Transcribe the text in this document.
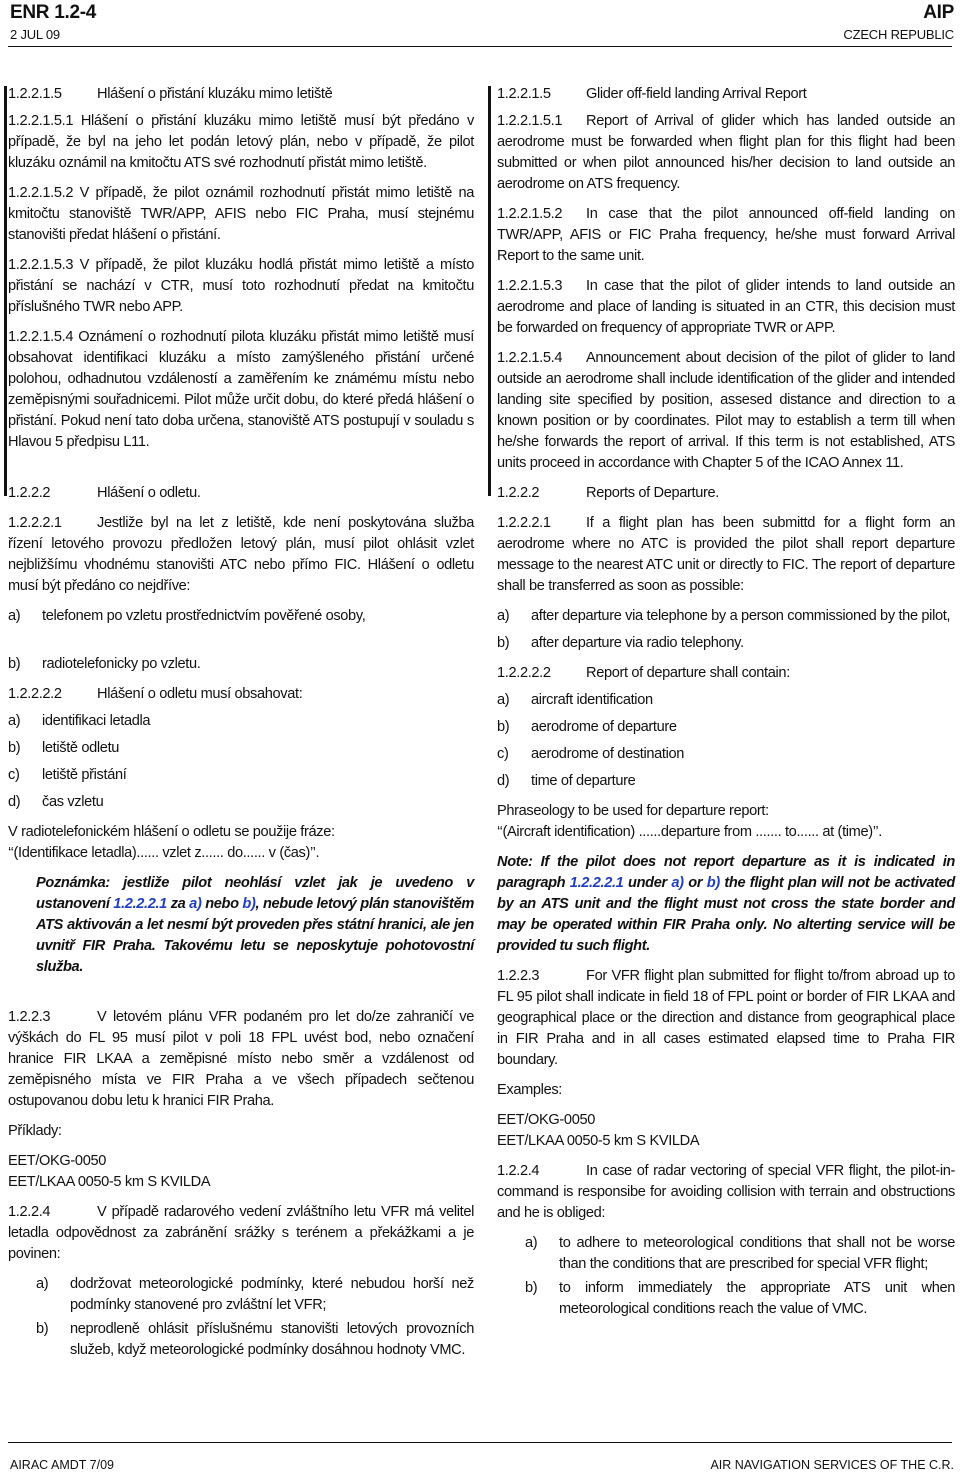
ENR 1.2-4
2 JUL 09
AIP
CZECH REPUBLIC

1.2.2.1.5 Hlášení o přistání kluzáku mimo letiště

1.2.2.1.5.1 Hlášení o přistání kluzáku mimo letiště musí být předáno v případě, že byl na jeho let podán letový plán, nebo v případě, že pilot kluzáku oznámil na kmitočtu ATS své rozhodnutí přistát mimo letiště.

1.2.2.1.5.2 V případě, že pilot oznámil rozhodnutí přistát mimo letiště na kmitočtu stanoviště TWR/APP, AFIS nebo FIC Praha, musí stejnému stanovišti předat hlášení o přistání.

1.2.2.1.5.3 V případě, že pilot kluzáku hodlá přistát mimo letiště a místo přistání se nachází v CTR, musí toto rozhodnutí předat na kmitočtu příslušného TWR nebo APP.

1.2.2.1.5.4 Oznámení o rozhodnutí pilota kluzáku přistát mimo letiště musí obsahovat identifikaci kluzáku a místo zamýšleného přistání určené polohou, odhadnutou vzdáleností a zaměřením ke známému místu nebo zeměpisnými souřadnicemi. Pilot může určit dobu, do které předá hlášení o přistání. Pokud není tato doba určena, stanoviště ATS postupují v souladu s Hlavou 5 předpisu L11.

1.2.2.2	Hlášení o odletu.

1.2.2.2.1 Jestliže byl na let z letiště, kde není poskytována služba řízení letového provozu předložen letový plán, musí pilot ohlásit vzlet nejbližšímu vhodnému stanovišti ATC nebo přímo FIC. Hlášení o odletu musí být předáno co nejdříve:

a) telefonem po vzletu prostřednictvím pověřené osoby,

b) radiotelefonicky po vzletu.

1.2.2.2.2 Hlášení o odletu musí obsahovat:

a) identifikaci letadla

b) letiště odletu

c) letiště přistání

d) čas vzletu

V radiotelefonickém hlášení o odletu se použije fráze:

‘‘(Identifikace letadla)...... vzlet z...... do...... v (čas)’’.

Poznámka: jestliže pilot neohlásí vzlet jak je uvedeno v ustanovení 1.2.2.2.1 za a) nebo b), nebude letový plán stanovištěm ATS aktivován a let nesmí být proveden přes státní hranici, ale jen uvnitř FIR Praha. Takovému letu se neposkytuje pohotovostní služba.

1.2.2.3	V letovém plánu VFR podaném pro let do/ze zahraničí ve výškách do FL 95 musí pilot v poli 18 FPL uvést bod, nebo označení hranice FIR LKAA a zeměpisné místo nebo směr a vzdálenost od zeměpisného místa ve FIR Praha a ve všech případech sečtenou ostupovanou dobu letu k hranici FIR Praha.

Příklady:

EET/OKG-0050

EET/LKAA 0050-5 km S KVILDA

1.2.2.4	V případě radarového vedení zvláštního letu VFR má velitel letadla odpovědnost za zabránění srážky s terénem a překážkami a je povinen:

a) dodržovat meteorologické podmínky, které nebudou horší než podmínky stanovené pro zvláštní let VFR;

b) neprodleně ohlásit příslušnému stanovišti letových provozních služeb, když meteorologické podmínky dosáhnou hodnoty VMC.

1.2.2.1.5 Glider off-field landing Arrival Report

1.2.2.1.5.1 Report of Arrival of glider which has landed outside an aerodrome must be forwarded when flight plan for this flight had been submitted or when pilot announced his/her decision to land outside an aerodrome on ATS frequency.

1.2.2.1.5.2 In case that the pilot announced off-field landing on TWR/APP, AFIS or FIC Praha frequency, he/she must forward Arrival Report to the same unit.

1.2.2.1.5.3 In case that the pilot of glider intends to land outside an aerodrome and place of landing is situated in an CTR, this decision must be forwarded on frequency of appropriate TWR or APP.

1.2.2.1.5.4 Announcement about decision of the pilot of glider to land outside an aerodrome shall include identification of the glider and intended landing site specified by position, assesed distance and direction to a known position or by coordinates. Pilot may to establish a term till when he/she forwards the report of arrival. If this term is not established, ATS units proceed in accordance with Chapter 5 of the ICAO Annex 11.

1.2.2.2	Reports of Departure.

1.2.2.2.1 If a flight plan has been submittd for a flight form an aerodrome where no ATC is provided the pilot shall report departure message to the nearest ATC unit or directly to FIC. The report of departure shall be transferred as soon as possible:

a) after departure via telephone by a person commissioned by the pilot,

b) after departure via radio telephony.

1.2.2.2.2 Report of departure shall contain:

a) aircraft identification

b) aerodrome of departure

c) aerodrome of destination

d) time of departure

Phraseology to be used for departure report:

‘‘(Aircraft identification) ......departure from ....... to...... at (time)’’.

Note: If the pilot does not report departure as it is indicated in paragraph 1.2.2.2.1 under a) or b) the flight plan will not be activated by an ATS unit and the flight must not cross the state border and may be operated within FIR Praha only. No alterting service will be provided tu such flight.

1.2.2.3	For VFR flight plan submitted for flight to/from abroad up to FL 95 pilot shall indicate in field 18 of FPL point or border of FIR LKAA and geographical place or the direction and distance from geographical place in FIR Praha and in all cases estimated elapsed time to Praha FIR boundary.

Examples:

EET/OKG-0050

EET/LKAA 0050-5 km S KVILDA

1.2.2.4	In case of radar vectoring of special VFR flight, the pilot-in-command is responsibe for avoiding collision with terrain and obstructions and he is obliged:

a) to adhere to meteorological conditions that shall not be worse than the conditions that are prescribed for special VFR flight;

b) to inform immediately the appropriate ATS unit when meteorological conditions reach the value of VMC.

AIRAC AMDT 7/09	AIR NAVIGATION SERVICES OF THE C.R.
